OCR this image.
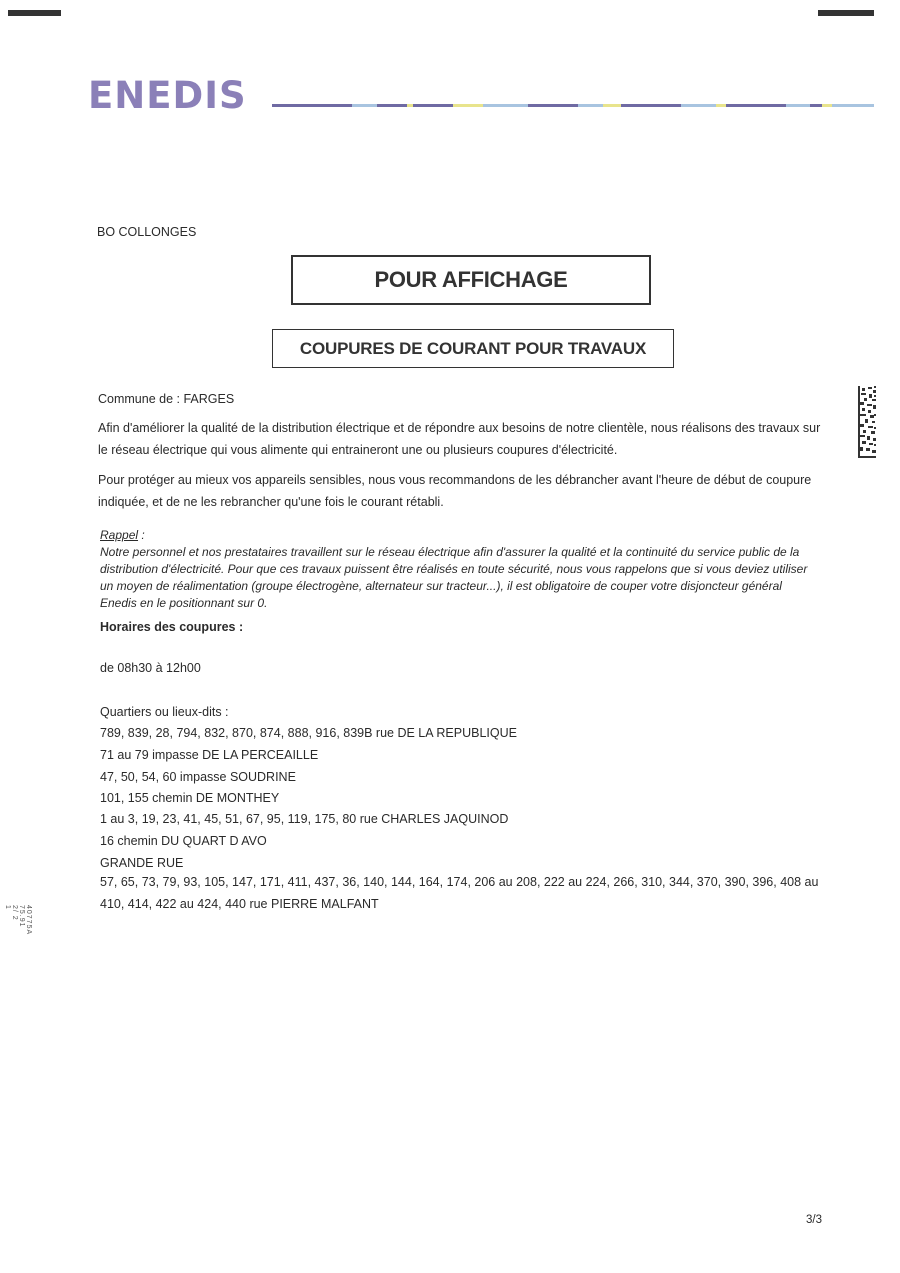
ENEDIS
BO COLLONGES
POUR AFFICHAGE
COUPURES DE COURANT POUR TRAVAUX
Commune de : FARGES
Afin d'améliorer la qualité de la distribution électrique et de répondre aux besoins de notre clientèle, nous réalisons des travaux sur le réseau électrique qui vous alimente qui entraineront une ou plusieurs coupures d'électricité.
Pour protéger au mieux vos appareils sensibles, nous vous recommandons de les débrancher avant l'heure de début de coupure indiquée, et de ne les rebrancher qu'une fois le courant rétabli.
Rappel :
Notre personnel et nos prestataires travaillent sur le réseau électrique afin d'assurer la qualité et la continuité du service public de la distribution d'électricité. Pour que ces travaux puissent être réalisés en toute sécurité, nous vous rappelons que si vous deviez utiliser un moyen de réalimentation (groupe électrogène, alternateur sur tracteur...), il est obligatoire de couper votre disjoncteur général Enedis en le positionnant sur 0.
Horaires des coupures :
de 08h30 à 12h00
Quartiers ou lieux-dits :
789, 839, 28, 794, 832, 870, 874, 888, 916, 839B rue DE LA REPUBLIQUE
71 au 79 impasse DE LA PERCEAILLE
47, 50, 54, 60 impasse SOUDRINE
101, 155 chemin DE MONTHEY
1 au 3, 19, 23, 41, 45, 51, 67, 95, 119, 175, 80 rue CHARLES JAQUINOD
16 chemin DU QUART D AVO
GRANDE RUE
57, 65, 73, 79, 93, 105, 147, 171, 411, 437, 36, 140, 144, 164, 174, 206 au 208, 222 au 224, 266, 310, 344, 370, 390, 396, 408 au 410, 414, 422 au 424, 440 rue PIERRE MALFANT
40775A
75.91
2/ 2
1
3/3
